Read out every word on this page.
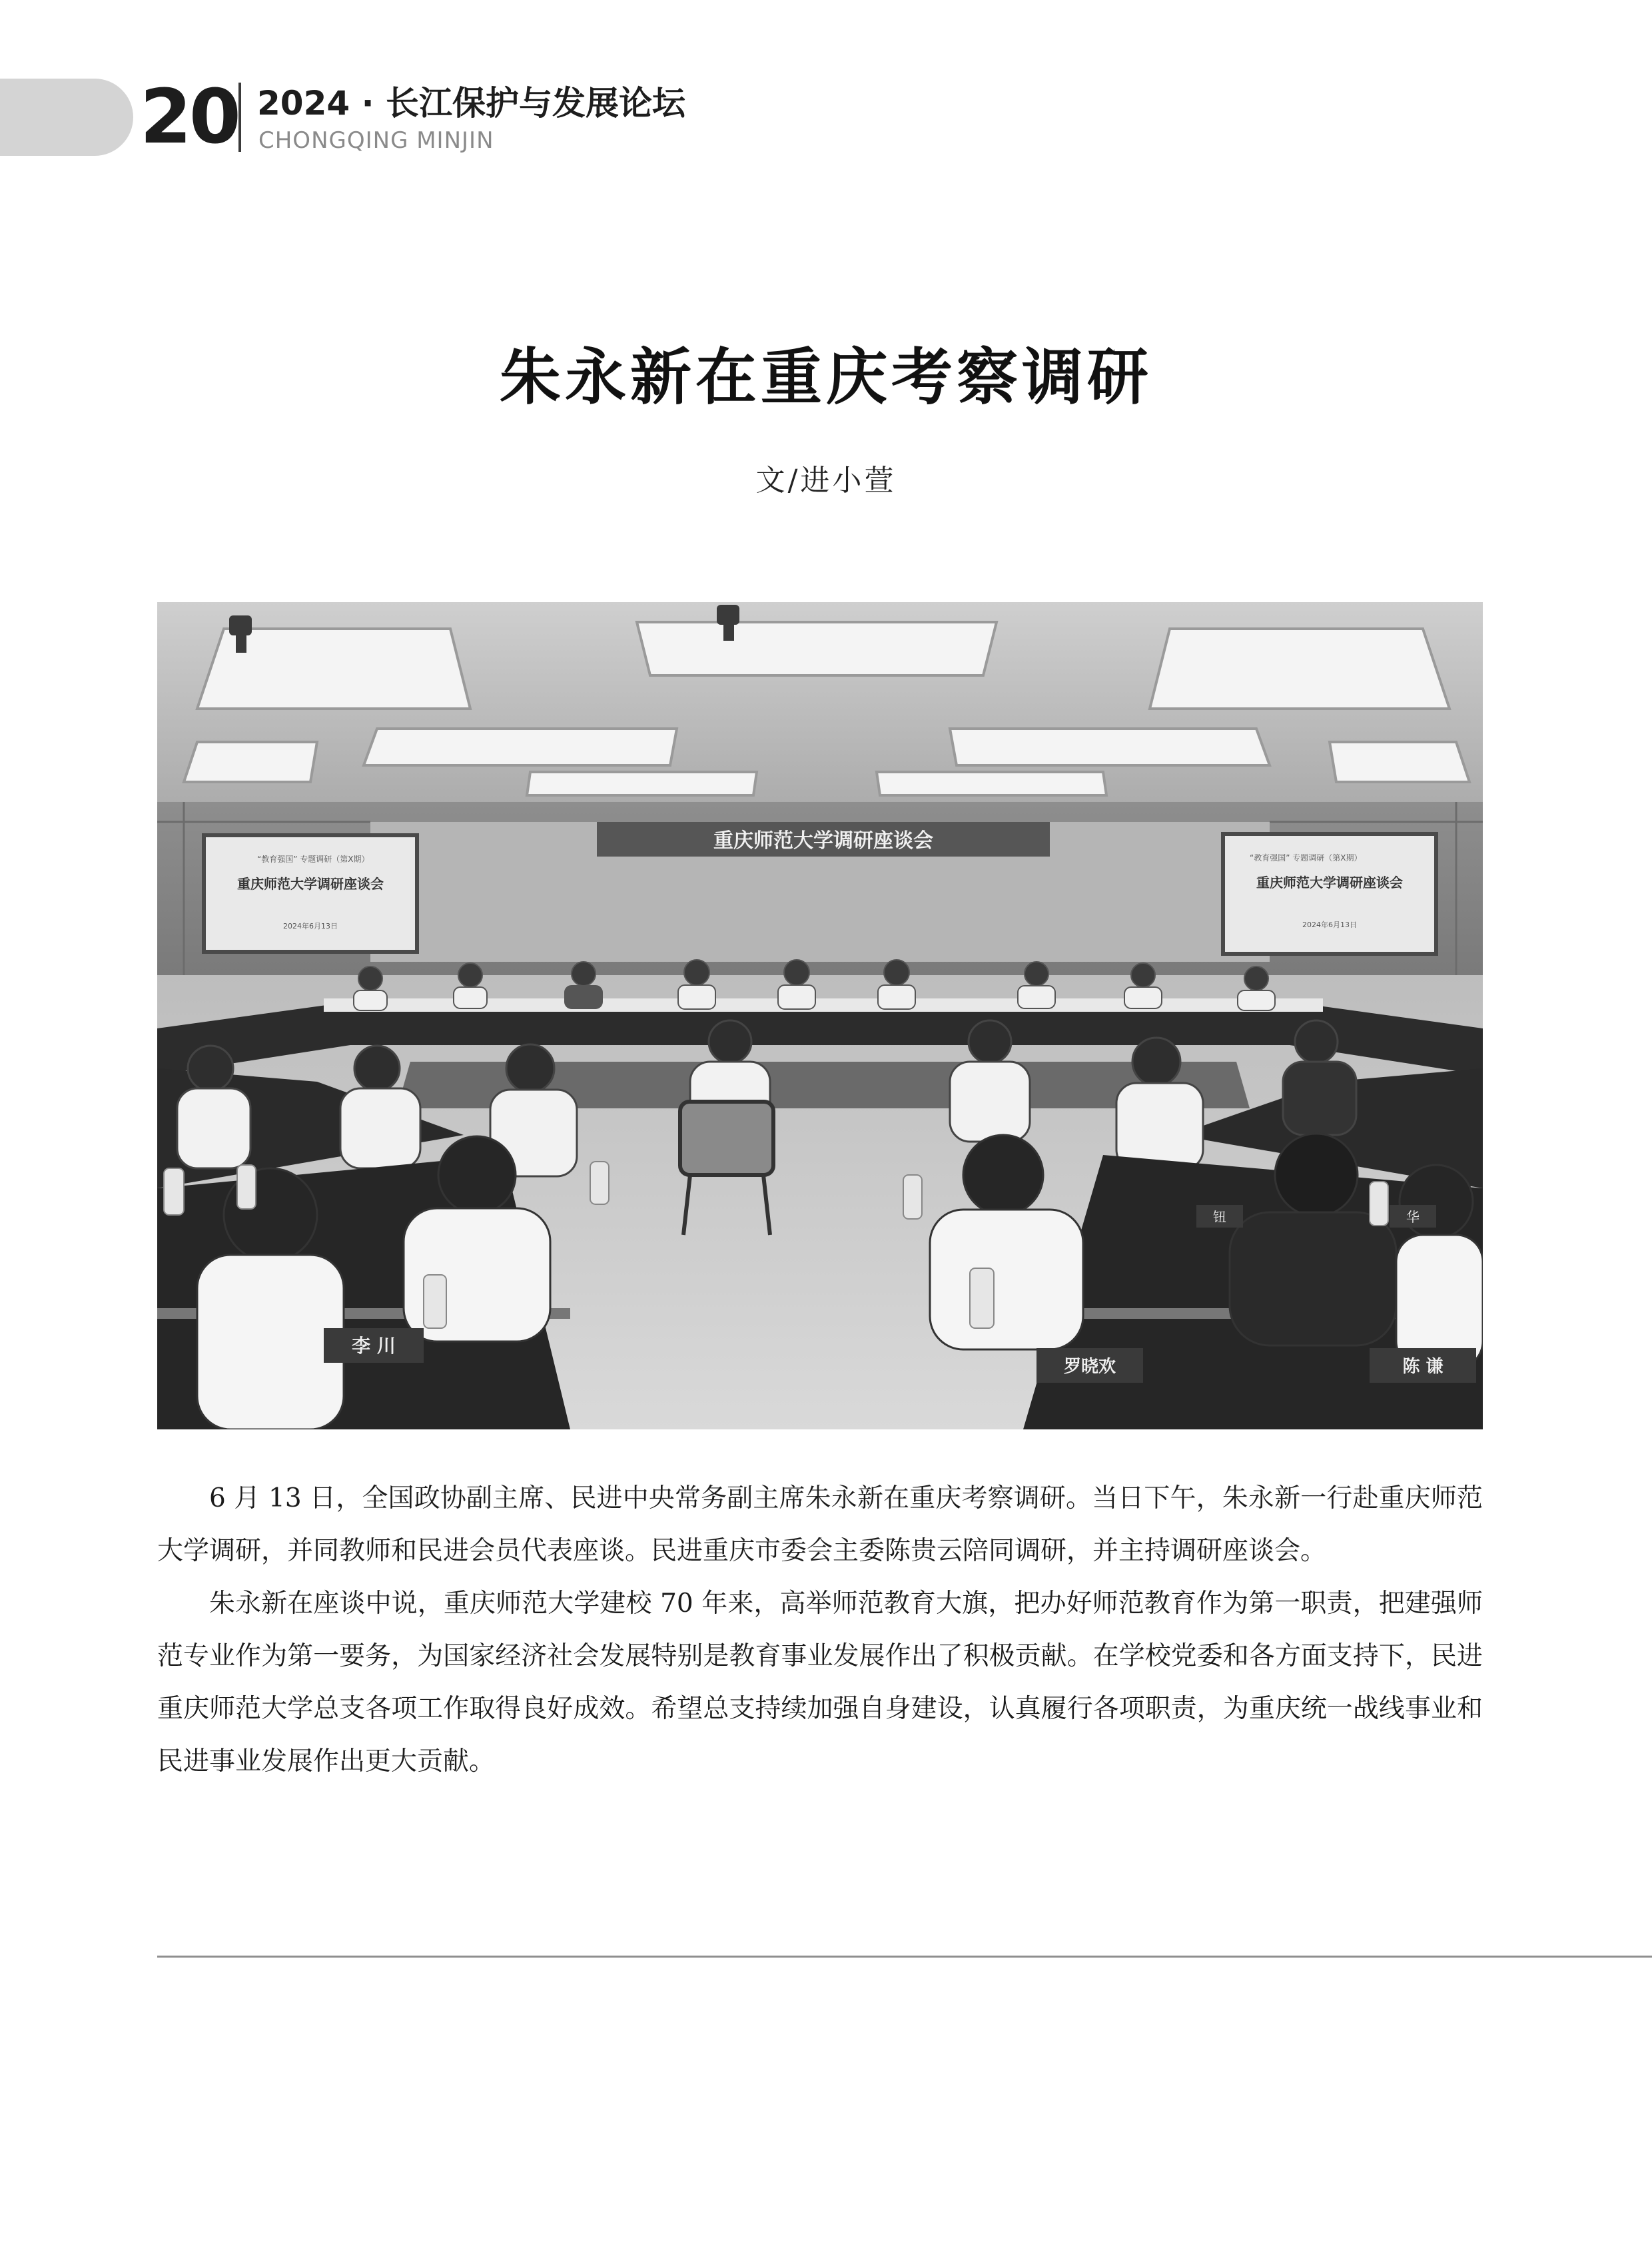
20 2024 · 长江保护与发展论坛
CHONGQING MINJIN
朱永新在重庆考察调研
文/进小萱
重庆师范大学调研座谈会
“教育强国” 专题调研（第X期）
重庆师范大学调研座谈会
2024年6月13日
“教育强国” 专题调研（第X期）
重庆师范大学调研座谈会
2024年6月13日
李 川
罗晓欢	陈 谦
钮	华

6 月 13 日，全国政协副主席、民进中央常务副主席朱永新在重庆考察调研。当日下午，朱永新一行赴重庆师范大学调研，并同教师和民进会员代表座谈。民进重庆市委会主委陈贵云陪同调研，并主持调研座谈会。

朱永新在座谈中说，重庆师范大学建校 70 年来，高举师范教育大旗，把办好师范教育作为第一职责，把建强师范专业作为第一要务，为国家经济社会发展特别是教育事业发展作出了积极贡献。在学校党委和各方面支持下，民进重庆师范大学总支各项工作取得良好成效。希望总支持续加强自身建设，认真履行各项职责，为重庆统一战线事业和民进事业发展作出更大贡献。
